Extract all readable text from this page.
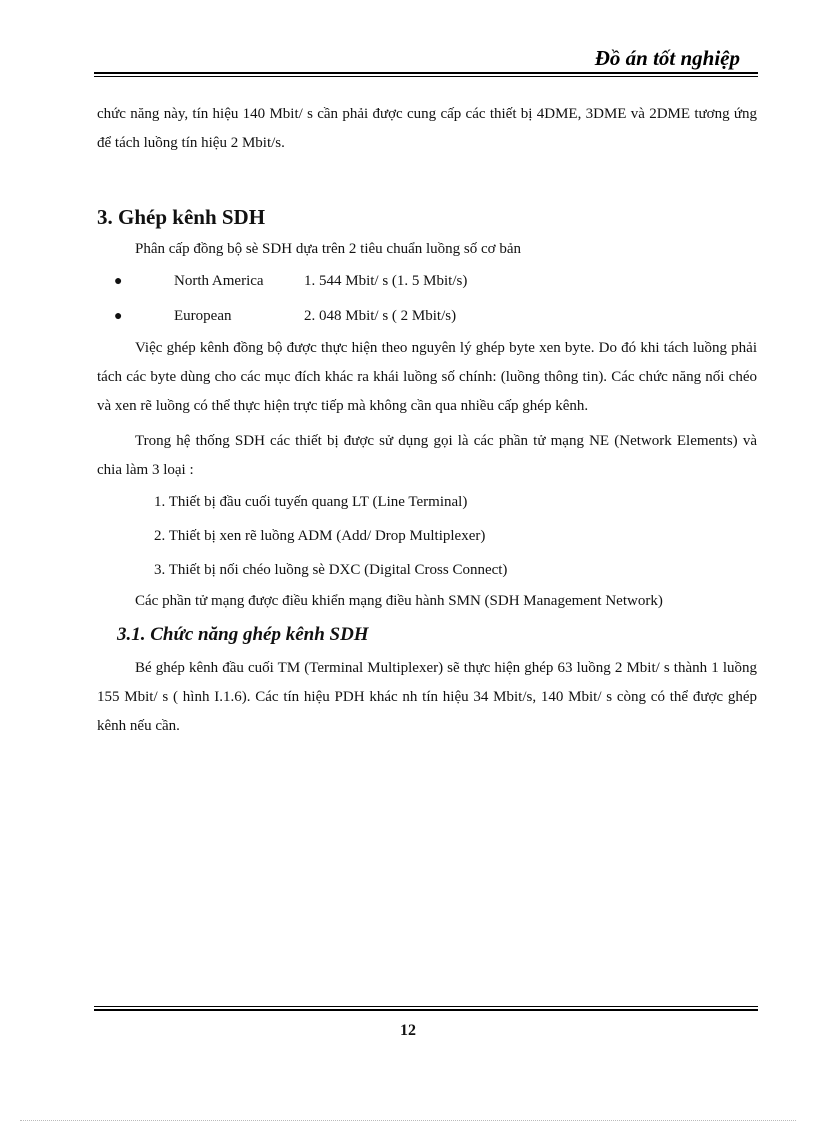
Đồ án tốt nghiệp

chức năng này, tín hiệu 140 Mbit/ s cần phải được cung cấp các thiết bị 4DME, 3DME và 2DME tương ứng để tách luồng tín hiệu 2 Mbit/s.

3. Ghép kênh SDH

Phân cấp đồng bộ sè SDH dựa trên 2 tiêu chuẩn luồng số cơ bản

●	North America	1. 544 Mbit/ s (1. 5 Mbit/s)
●	European	2. 048 Mbit/ s ( 2 Mbit/s)

Việc ghép kênh đồng bộ được thực hiện theo nguyên lý ghép byte xen byte. Do đó khi tách luồng phải tách các byte dùng cho các mục đích khác ra khái luồng số chính: (luồng thông tin). Các chức năng nối chéo và xen rẽ luồng có thể thực hiện trực tiếp mà không cần qua nhiều cấp ghép kênh.

Trong hệ thống SDH các thiết bị được sử dụng gọi là các phần tử mạng NE (Network Elements) và chia làm 3 loại :

1. Thiết bị đầu cuối tuyến quang LT (Line Terminal)
2. Thiết bị xen rẽ luồng ADM (Add/ Drop Multiplexer)
3. Thiết bị nối chéo luồng sè DXC (Digital Cross Connect)

Các phần tử mạng được điều khiển mạng điều hành SMN (SDH Management Network)

3.1. Chức năng ghép kênh SDH

Bé ghép kênh đầu cuối TM (Terminal Multiplexer) sẽ thực hiện ghép 63 luồng 2 Mbit/ s thành 1 luồng 155 Mbit/ s ( hình I.1.6). Các tín hiệu PDH khác nh tín hiệu 34 Mbit/s, 140 Mbit/ s còng có thể được ghép kênh nếu cần.

12
